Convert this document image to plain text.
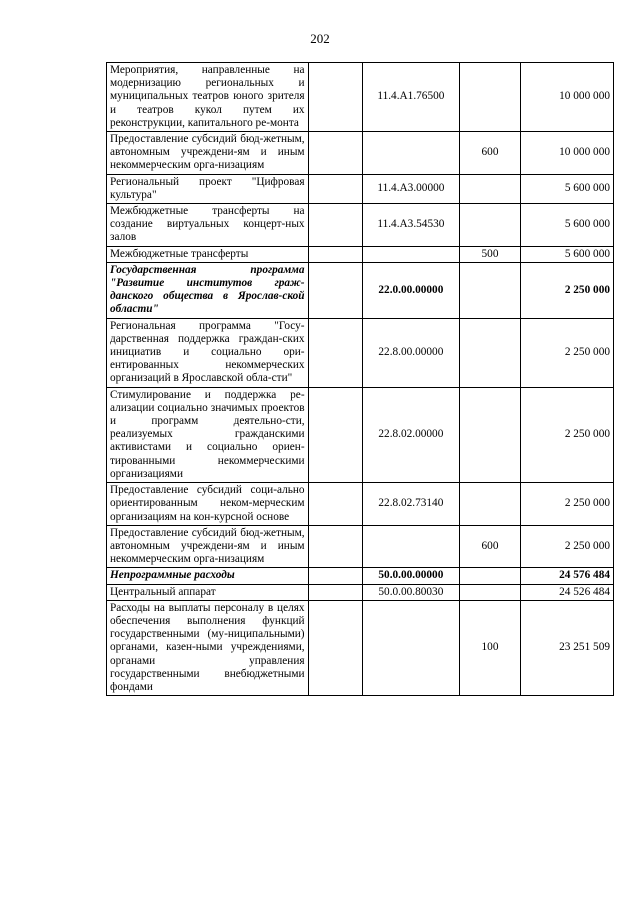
202
Мероприятия, направленные на модернизацию региональных и муниципальных театров юного зрителя и театров кукол путем их реконструкции, капитального ре-монта		11.4.A1.76500		10 000 000
Предоставление субсидий бюд-жетным, автономным учреждени-ям и иным некоммерческим орга-низациям			600	10 000 000
Региональный проект "Цифровая культура"		11.4.A3.00000		5 600 000
Межбюджетные трансферты на создание виртуальных концерт-ных залов		11.4.A3.54530		5 600 000
Межбюджетные трансферты			500	5 600 000
Государственная программа "Развитие институтов граж-данского общества в Ярослав-ской области"		22.0.00.00000		2 250 000
Региональная программа "Госу-дарственная поддержка граждан-ских инициатив и социально ори-ентированных некоммерческих организаций в Ярославской обла-сти"		22.8.00.00000		2 250 000
Стимулирование и поддержка ре-ализации социально значимых проектов и программ деятельно-сти, реализуемых гражданскими активистами и социально ориен-тированными некоммерческими организациями		22.8.02.00000		2 250 000
Предоставление субсидий соци-ально ориентированным неком-мерческим организациям на кон-курсной основе		22.8.02.73140		2 250 000
Предоставление субсидий бюд-жетным, автономным учреждени-ям и иным некоммерческим орга-низациям			600	2 250 000
Непрограммные расходы		50.0.00.00000		24 576 484
Центральный аппарат		50.0.00.80030		24 526 484
Расходы на выплаты персоналу в целях обеспечения выполнения функций государственными (му-ниципальными) органами, казен-ными учреждениями, органами управления государственными внебюджетными фондами			100	23 251 509
